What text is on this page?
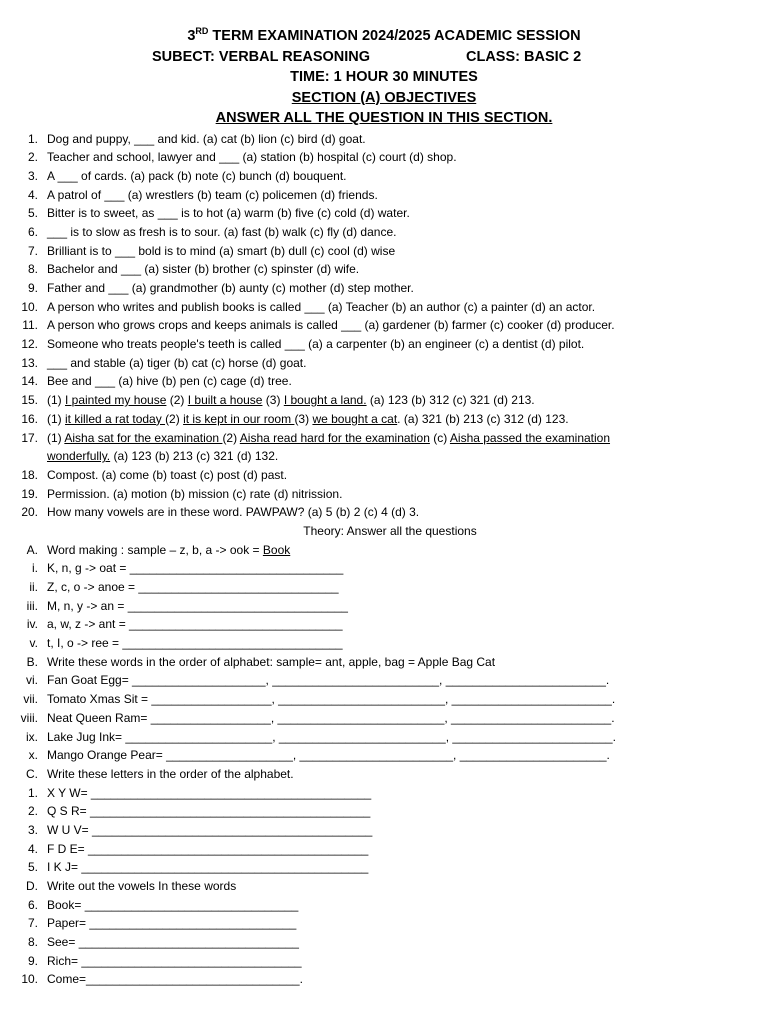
3RD TERM EXAMINATION 2024/2025 ACADEMIC SESSION
SUBECT: VERBAL REASONING	CLASS: BASIC 2
TIME: 1 HOUR 30 MINUTES
SECTION (A) OBJECTIVES
ANSWER ALL THE QUESTION IN THIS SECTION.
1. Dog and puppy, ___ and kid. (a) cat (b) lion (c) bird (d) goat.
2. Teacher and school, lawyer and ___ (a) station (b) hospital (c) court (d) shop.
3. A ___ of cards. (a) pack (b) note (c) bunch (d) bouquent.
4. A patrol of ___ (a) wrestlers (b) team (c) policemen (d) friends.
5. Bitter is to sweet, as ___ is to hot (a) warm (b) five (c) cold (d) water.
6. ___ is to slow as fresh is to sour. (a) fast (b) walk (c) fly (d) dance.
7. Brilliant is to ___ bold is to mind (a) smart (b) dull (c) cool (d) wise
8. Bachelor and ___ (a) sister (b) brother (c) spinster (d) wife.
9. Father and ___ (a) grandmother (b) aunty (c) mother (d) step mother.
10. A person who writes and publish books is called ___ (a) Teacher (b) an author (c) a painter (d) an actor.
11. A person who grows crops and keeps animals is called ___ (a) gardener (b) farmer (c) cooker (d) producer.
12. Someone who treats people's teeth is called ___ (a) a carpenter (b) an engineer (c) a dentist (d) pilot.
13. ___ and stable (a) tiger (b) cat (c) horse (d) goat.
14. Bee and ___ (a) hive (b) pen (c) cage (d) tree.
15. (1) I painted my house (2) I built a house (3) I bought a land. (a) 123 (b) 312 (c) 321 (d) 213.
16. (1) it killed a rat today (2) it is kept in our room (3) we bought a cat. (a) 321 (b) 213 (c) 312 (d) 123.
17. (1) Aisha sat for the examination (2) Aisha read hard for the examination (c) Aisha passed the examination
wonderfully. (a) 123 (b) 213 (c) 321 (d) 132.
18. Compost. (a) come (b) toast (c) post (d) past.
19. Permission. (a) motion (b) mission (c) rate (d) nitrission.
20. How many vowels are in these word. PAWPAW? (a) 5 (b) 2 (c) 4 (d) 3.
Theory: Answer all the questions
A. Word making : sample – z, b, a -> ook = Book
i. K, n, g -> oat = ________________________________
ii. Z, c, o -> anoe = ______________________________
iii. M, n, y -> an = _________________________________
iv. a, w, z -> ant = ________________________________
v. t, I, o -> ree = _________________________________
B. Write these words in the order of alphabet: sample= ant, apple, bag = Apple Bag Cat
vi. Fan Goat Egg= ____________________, _________________________, ________________________.
vii. Tomato Xmas Sit = __________________, _________________________, ________________________.
viii. Neat Queen Ram= __________________, _________________________, ________________________.
ix. Lake Jug Ink= ______________________, _________________________, ________________________.
x. Mango Orange Pear= ___________________, _______________________, ______________________.
C. Write these letters in the order of the alphabet.
1. X Y W= __________________________________________
2. Q S R= __________________________________________
3. W U V= __________________________________________
4. F D E= __________________________________________
5. I K J= ___________________________________________
D. Write out the vowels In these words
6. Book= ________________________________
7. Paper= _______________________________
8. See= _________________________________
9. Rich= _________________________________
10. Come=________________________________.
